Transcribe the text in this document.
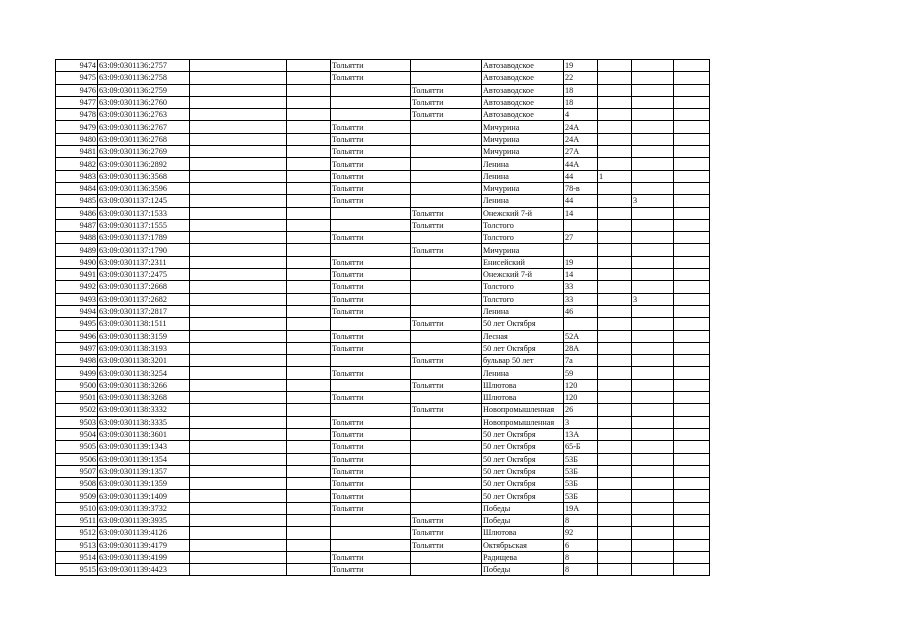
9474	63:09:0301136:2757			Тольятти		Автозаводское	19			
9475	63:09:0301136:2758			Тольятти		Автозаводское	22			
9476	63:09:0301136:2759				Тольятти	Автозаводское	18			
9477	63:09:0301136:2760				Тольятти	Автозаводское	18			
9478	63:09:0301136:2763				Тольятти	Автозаводское	4			
9479	63:09:0301136:2767			Тольятти		Мичурина	24А			
9480	63:09:0301136:2768			Тольятти		Мичурина	24А			
9481	63:09:0301136:2769			Тольятти		Мичурина	27А			
9482	63:09:0301136:2892			Тольятти		Ленина	44А			
9483	63:09:0301136:3568			Тольятти		Ленина	44	1		
9484	63:09:0301136:3596			Тольятти		Мичурина	78-в			
9485	63:09:0301137:1245			Тольятти		Ленина	44		3	
9486	63:09:0301137:1533				Тольятти	Онежский 7-й	14			
9487	63:09:0301137:1555				Тольятти	Толстого				
9488	63:09:0301137:1789			Тольятти		Толстого	27			
9489	63:09:0301137:1790				Тольятти	Мичурина				
9490	63:09:0301137:2311			Тольятти		Енисейский	19			
9491	63:09:0301137:2475			Тольятти		Онежский 7-й	14			
9492	63:09:0301137:2668			Тольятти		Толстого	33			
9493	63:09:0301137:2682			Тольятти		Толстого	33		3	
9494	63:09:0301137:2817			Тольятти		Ленина	46			
9495	63:09:0301138:1511				Тольятти	50 лет Октября				
9496	63:09:0301138:3159			Тольятти		Лесная	52А			
9497	63:09:0301138:3193			Тольятти		50 лет Октября	28А			
9498	63:09:0301138:3201				Тольятти	бульвар 50 лет	7а			
9499	63:09:0301138:3254			Тольятти		Ленина	59			
9500	63:09:0301138:3266				Тольятти	Шлютова	120			
9501	63:09:0301138:3268			Тольятти		Шлютова	120			
9502	63:09:0301138:3332				Тольятти	Новопромышленная	26			
9503	63:09:0301138:3335			Тольятти		Новопромышленная	3			
9504	63:09:0301138:3601			Тольятти		50 лет Октября	13А			
9505	63:09:0301139:1343			Тольятти		50 лет Октября	65-Б			
9506	63:09:0301139:1354			Тольятти		50 лет Октября	53Б			
9507	63:09:0301139:1357			Тольятти		50 лет Октября	53Б			
9508	63:09:0301139:1359			Тольятти		50 лет Октября	53Б			
9509	63:09:0301139:1409			Тольятти		50 лет Октября	53Б			
9510	63:09:0301139:3732			Тольятти		Победы	19А			
9511	63:09:0301139:3935				Тольятти	Победы	8			
9512	63:09:0301139:4126				Тольятти	Шлютова	92			
9513	63:09:0301139:4179				Тольятти	Октябрьская	6			
9514	63:09:0301139:4199			Тольятти		Радищева	8			
9515	63:09:0301139:4423			Тольятти		Победы	8			
